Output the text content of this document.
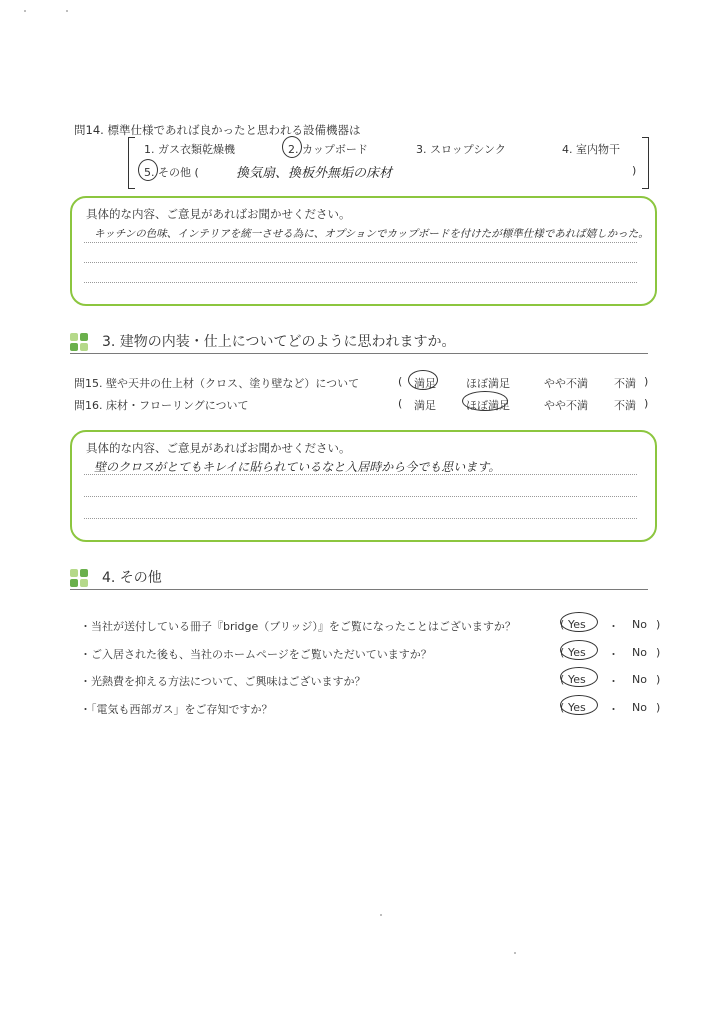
問14. 標準仕様であれば良かったと思われる設備機器は
1. ガス衣類乾燥機	2. カップボード	3. スロップシンク	4. 室内物干
5. その他 (	換気扇、換板外無垢の床材	)
具体的な内容、ご意見があればお聞かせください。
キッチンの色味、インテリアを統一させる為に、オプションでカップボードを付けたが標準仕様であれば嬉しかった。
3. 建物の内装・仕上についてどのように思われますか。
問15. 壁や天井の仕上材（クロス、塗り壁など）について	( 満足	ほぼ満足	やや不満 不満 )
問16. 床材・フローリングについて	( 満足	ほぼ満足	やや不満 不満 )
具体的な内容、ご意見があればお聞かせください。
壁のクロスがとてもキレイに貼られているなと入居時から今でも思います。
4. その他
・当社が送付している冊子『bridge（ブリッジ）』をご覧になったことはございますか？	( Yes ・ No )
・ご入居された後も、当社のホームページをご覧いただいていますか？	( Yes ・ No )
・光熱費を抑える方法について、ご興味はございますか？	( Yes ・ No )
・「電気も西部ガス」をご存知ですか？	( Yes ・ No )
